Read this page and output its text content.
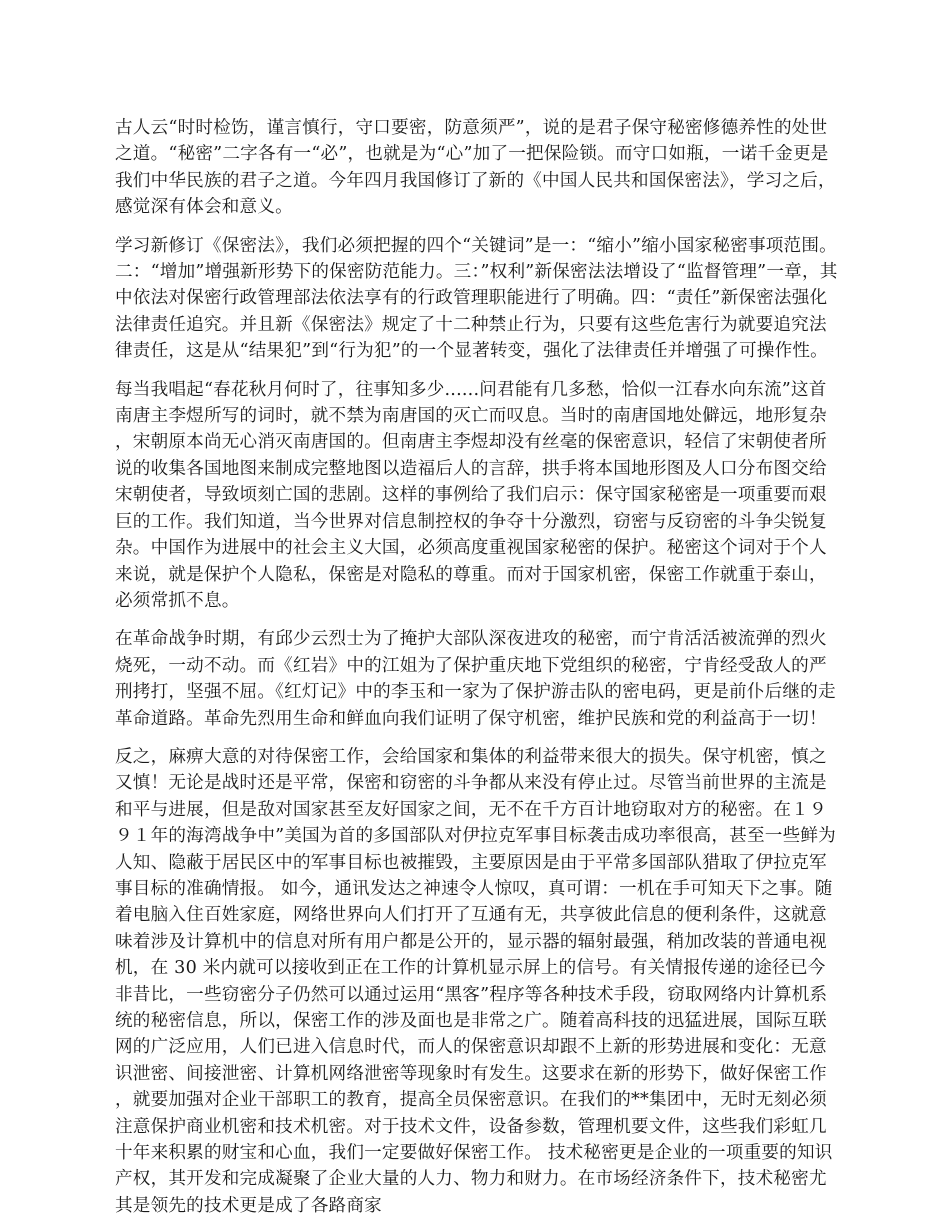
古人云“时时检饬，谨言慎行，守口要密，防意须严”，说的是君子保守秘密修德养性的处世之道。“秘密”二字各有一“必”，也就是为“心”加了一把保险锁。而守口如瓶，一诺千金更是我们中华民族的君子之道。今年四月我国修订了新的《中国人民共和国保密法》，学习之后，感觉深有体会和意义。

学习新修订《保密法》，我们必须把握的四个“关键词”是一：“缩小”缩小国家秘密事项范围。二：“增加”增强新形势下的保密防范能力。三：”权利”新保密法法增设了“监督管理”一章，其中依法对保密行政管理部法依法享有的行政管理职能进行了明确。四：“责任”新保密法强化法律责任追究。并且新《保密法》规定了十二种禁止行为，只要有这些危害行为就要追究法律责任，这是从“结果犯”到“行为犯”的一个显著转变，强化了法律责任并增强了可操作性。

每当我唱起“春花秋月何时了，往事知多少......问君能有几多愁，恰似一江春水向东流”这首南唐主李煜所写的词时，就不禁为南唐国的灭亡而叹息。当时的南唐国地处僻远，地形复杂，宋朝原本尚无心消灭南唐国的。但南唐主李煜却没有丝毫的保密意识，轻信了宋朝使者所说的收集各国地图来制成完整地图以造福后人的言辞，拱手将本国地形图及人口分布图交给宋朝使者，导致顷刻亡国的悲剧。这样的事例给了我们启示：保守国家秘密是一项重要而艰巨的工作。我们知道，当今世界对信息制控权的争夺十分激烈，窃密与反窃密的斗争尖锐复杂。中国作为进展中的社会主义大国，必须高度重视国家秘密的保护。秘密这个词对于个人来说，就是保护个人隐私，保密是对隐私的尊重。而对于国家机密，保密工作就重于泰山，必须常抓不息。

在革命战争时期，有邱少云烈士为了掩护大部队深夜进攻的秘密，而宁肯活活被流弹的烈火烧死，一动不动。而《红岩》中的江姐为了保护重庆地下党组织的秘密，宁肯经受敌人的严刑拷打，坚强不屈。《红灯记》中的李玉和一家为了保护游击队的密电码，更是前仆后继的走革命道路。革命先烈用生命和鲜血向我们证明了保守机密，维护民族和党的利益高于一切！

反之，麻痹大意的对待保密工作，会给国家和集体的利益带来很大的损失。保守机密，慎之又慎！无论是战时还是平常，保密和窃密的斗争都从来没有停止过。尽管当前世界的主流是和平与进展，但是敌对国家甚至友好国家之间，无不在千方百计地窃取对方的秘密。在１９９１年的海湾战争中”美国为首的多国部队对伊拉克军事目标袭击成功率很高，甚至一些鲜为人知、隐蔽于居民区中的军事目标也被摧毁，主要原因是由于平常多国部队猎取了伊拉克军事目标的准确情报。 如今，通讯发达之神速令人惊叹，真可谓：一机在手可知天下之事。随着电脑入住百姓家庭，网络世界向人们打开了互通有无，共享彼此信息的便利条件，这就意味着涉及计算机中的信息对所有用户都是公开的，显示器的辐射最强，稍加改装的普通电视机，在 30 米内就可以接收到正在工作的计算机显示屏上的信号。有关情报传递的途径已今非昔比，一些窃密分子仍然可以通过运用“黑客”程序等各种技术手段，窃取网络内计算机系统的秘密信息，所以，保密工作的涉及面也是非常之广。随着高科技的迅猛进展，国际互联网的广泛应用，人们已进入信息时代，而人的保密意识却跟不上新的形势进展和变化：无意识泄密、间接泄密、计算机网络泄密等现象时有发生。这要求在新的形势下，做好保密工作，就要加强对企业干部职工的教育，提高全员保密意识。在我们的**集团中，无时无刻必须注意保护商业机密和技术机密。对于技术文件，设备参数，管理机要文件，这些我们彩虹几十年来积累的财宝和心血，我们一定要做好保密工作。 技术秘密更是企业的一项重要的知识产权，其开发和完成凝聚了企业大量的人力、物力和财力。在市场经济条件下，技术秘密尤其是领先的技术更是成了各路商家
